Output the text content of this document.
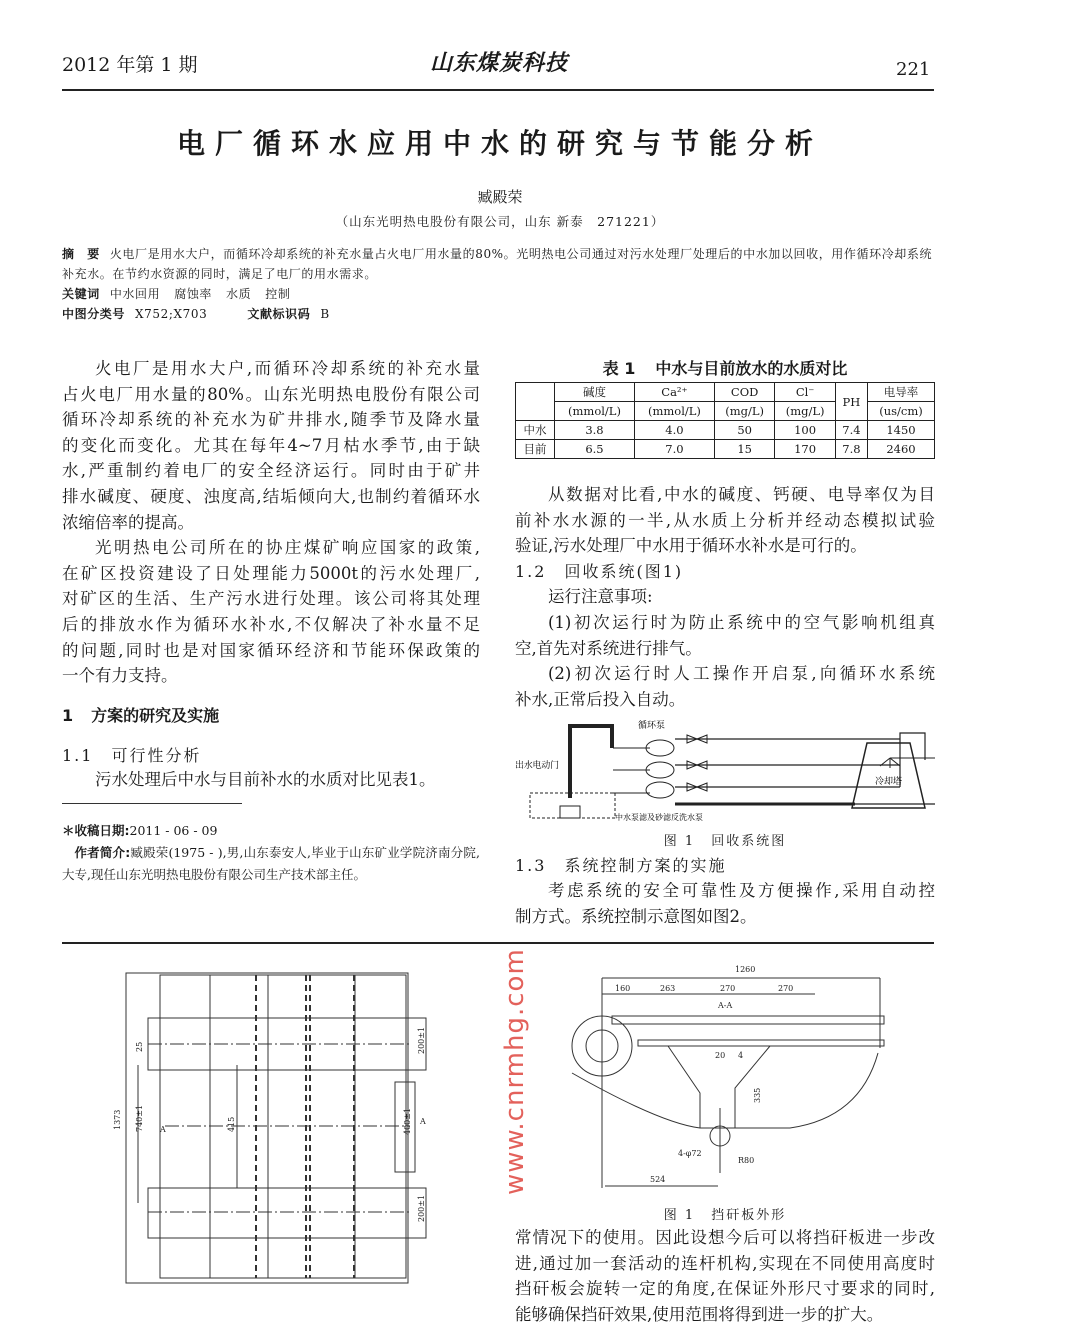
2012 年第 1 期	山东煤炭科技	221
电厂循环水应用中水的研究与节能分析
臧殿荣
（山东光明热电股份有限公司，山东 新泰　271221）
摘　要 火电厂是用水大户，而循环冷却系统的补充水量占火电厂用水量的80%。光明热电公司通过对污水处理厂处理后的中水加以回收，用作循环冷却系统补充水。在节约水资源的同时，满足了电厂的用水需求。
关键词 中水回用 腐蚀率 水质 控制
中图分类号 X752;X703	文献标识码 B
火电厂是用水大户,而循环冷却系统的补充水量
占火电厂用水量的80%。山东光明热电股份有限公司
循环冷却系统的补充水为矿井排水,随季节及降水量
的变化而变化。尤其在每年4~7月枯水季节,由于缺
水,严重制约着电厂的安全经济运行。同时由于矿井
排水碱度、硬度、浊度高,结垢倾向大,也制约着循环水
浓缩倍率的提高。
光明热电公司所在的协庄煤矿响应国家的政策,
在矿区投资建设了日处理能力5000t的污水处理厂,
对矿区的生活、生产污水进行处理。该公司将其处理
后的排放水作为循环水补水,不仅解决了补水量不足
的问题,同时也是对国家循环经济和节能环保政策的
一个有力支持。
1 方案的研究及实施
1.1 可行性分析
污水处理后中水与目前补水的水质对比见表1。
＊收稿日期:2011 - 06 - 09
作者简介:臧殿荣(1975 - ),男,山东泰安人,毕业于山东矿业学院济南分院,大专,现任山东光明热电股份有限公司生产技术部主任。
表 1 中水与目前放水的水质对比
	碱度	Ca²⁺	COD	Cl⁻	PH	电导率
	(mmol/L)	(mmol/L)	(mg/L)	(mg/L)		(us/cm)
中水	3.8	4.0	50	100	7.4	1450
目前	6.5	7.0	15	170	7.8	2460
从数据对比看,中水的碱度、钙硬、电导率仅为目
前补水水源的一半,从水质上分析并经动态模拟试验
验证,污水处理厂中水用于循环水补水是可行的。
1.2 回收系统(图1)
运行注意事项:
(1)初次运行时为防止系统中的空气影响机组真
空,首先对系统进行排气。
(2)初次运行时人工操作开启泵,向循环水系统
补水,正常后投入自动。
循环泵
出水电动门
中水泵滤及砂滤反洗水泵
冷却塔
图 1 回收系统图
1.3 系统控制方案的实施
考虑系统的安全可靠性及方便操作,采用自动控
制方式。系统控制示意图如图2。
1373 740±1
200±1
200±1
400±1
415
25
A
A
1260
160	263	270	270
A-A
20 4
335
4-φ72
R80
524
图 1 挡矸板外形
常情况下的使用。因此设想今后可以将挡矸板进一步改
进,通过加一套活动的连杆机构,实现在不同使用高度时
挡矸板会旋转一定的角度,在保证外形尺寸要求的同时,
能够确保挡矸效果,使用范围将得到进一步的扩大。
www.cnrmhg.com
